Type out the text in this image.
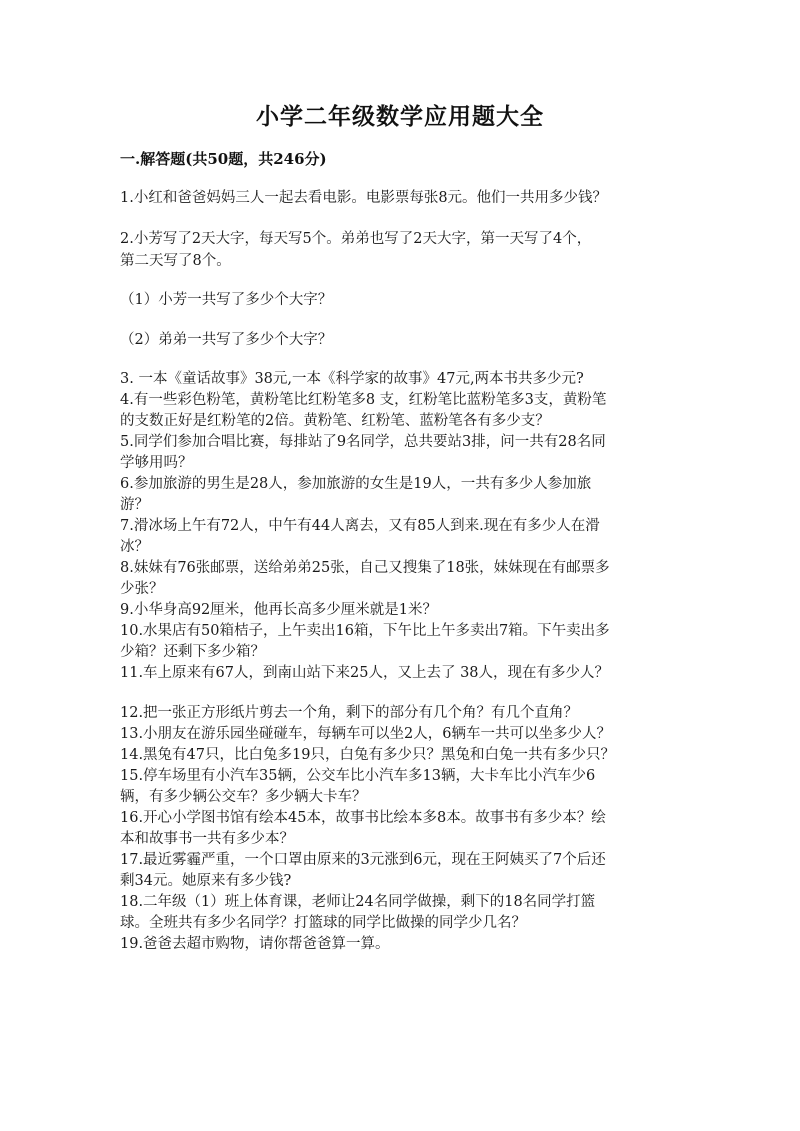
小学二年级数学应用题大全
一.解答题(共50题，共246分)
1.小红和爸爸妈妈三人一起去看电影。电影票每张8元。他们一共用多少钱？
2.小芳写了2天大字，每天写5个。弟弟也写了2天大字，第一天写了4个，
第二天写了8个。
（1）小芳一共写了多少个大字？
（2）弟弟一共写了多少个大字？
3. 一本《童话故事》38元,一本《科学家的故事》47元,两本书共多少元?
4.有一些彩色粉笔，黄粉笔比红粉笔多8 支，红粉笔比蓝粉笔多3支，黄粉笔
的支数正好是红粉笔的2倍。黄粉笔、红粉笔、蓝粉笔各有多少支？
5.同学们参加合唱比赛，每排站了9名同学，总共要站3排，问一共有28名同
学够用吗？
6.参加旅游的男生是28人，参加旅游的女生是19人，一共有多少人参加旅
游？
7.滑冰场上午有72人，中午有44人离去，又有85人到来.现在有多少人在滑
冰？
8.妹妹有76张邮票，送给弟弟25张，自己又搜集了18张，妹妹现在有邮票多
少张？
9.小华身高92厘米，他再长高多少厘米就是1米？
10.水果店有50箱桔子，上午卖出16箱，下午比上午多卖出7箱。下午卖出多
少箱？还剩下多少箱？
11.车上原来有67人，到南山站下来25人，又上去了 38人，现在有多少人？
12.把一张正方形纸片剪去一个角，剩下的部分有几个角？有几个直角？
13.小朋友在游乐园坐碰碰车，每辆车可以坐2人，6辆车一共可以坐多少人？
14.黑兔有47只，比白兔多19只，白兔有多少只？黑兔和白兔一共有多少只？
15.停车场里有小汽车35辆，公交车比小汽车多13辆，大卡车比小汽车少6
辆，有多少辆公交车？多少辆大卡车？
16.开心小学图书馆有绘本45本，故事书比绘本多8本。故事书有多少本？绘
本和故事书一共有多少本？
17.最近雾霾严重，一个口罩由原来的3元涨到6元，现在王阿姨买了7个后还
剩34元。她原来有多少钱?
18.二年级（1）班上体育课，老师让24名同学做操，剩下的18名同学打篮
球。全班共有多少名同学？打篮球的同学比做操的同学少几名？
19.爸爸去超市购物，请你帮爸爸算一算。
